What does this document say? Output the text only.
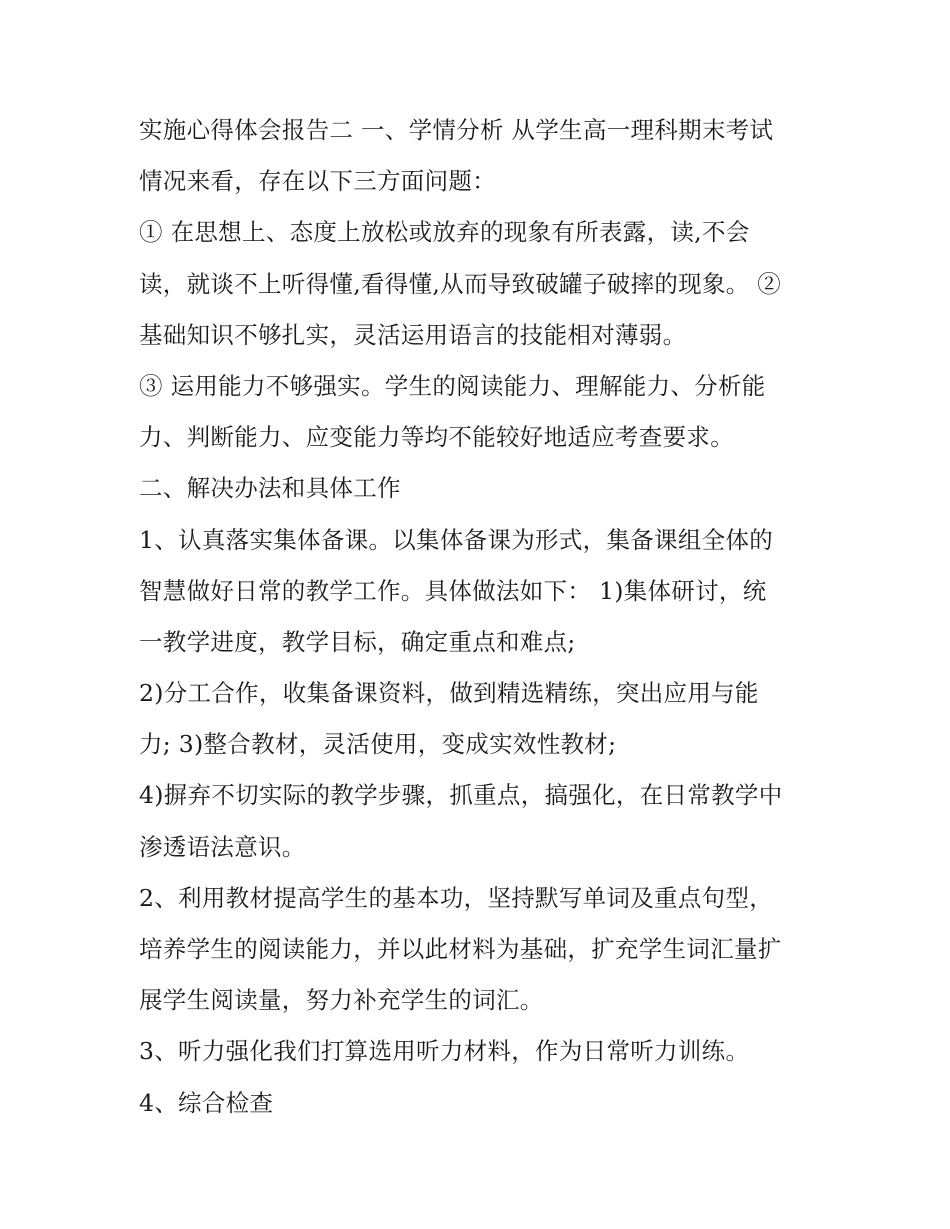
实施心得体会报告二 一、学情分析 从学生高一理科期末考试
情况来看，存在以下三方面问题：
① 在思想上、态度上放松或放弃的现象有所表露，读,不会
读，就谈不上听得懂,看得懂,从而导致破罐子破摔的现象。 ②
基础知识不够扎实，灵活运用语言的技能相对薄弱。
③ 运用能力不够强实。学生的阅读能力、理解能力、分析能
力、判断能力、应变能力等均不能较好地适应考查要求。
二、解决办法和具体工作
1、认真落实集体备课。以集体备课为形式，集备课组全体的
智慧做好日常的教学工作。具体做法如下： 1)集体研讨，统
一教学进度，教学目标，确定重点和难点;
2)分工合作，收集备课资料，做到精选精练，突出应用与能
力; 3)整合教材，灵活使用，变成实效性教材;
4)摒弃不切实际的教学步骤，抓重点，搞强化，在日常教学中
渗透语法意识。
2、利用教材提高学生的基本功，坚持默写单词及重点句型，
培养学生的阅读能力，并以此材料为基础，扩充学生词汇量扩
展学生阅读量，努力补充学生的词汇。
3、听力强化我们打算选用听力材料，作为日常听力训练。
4、综合检查
